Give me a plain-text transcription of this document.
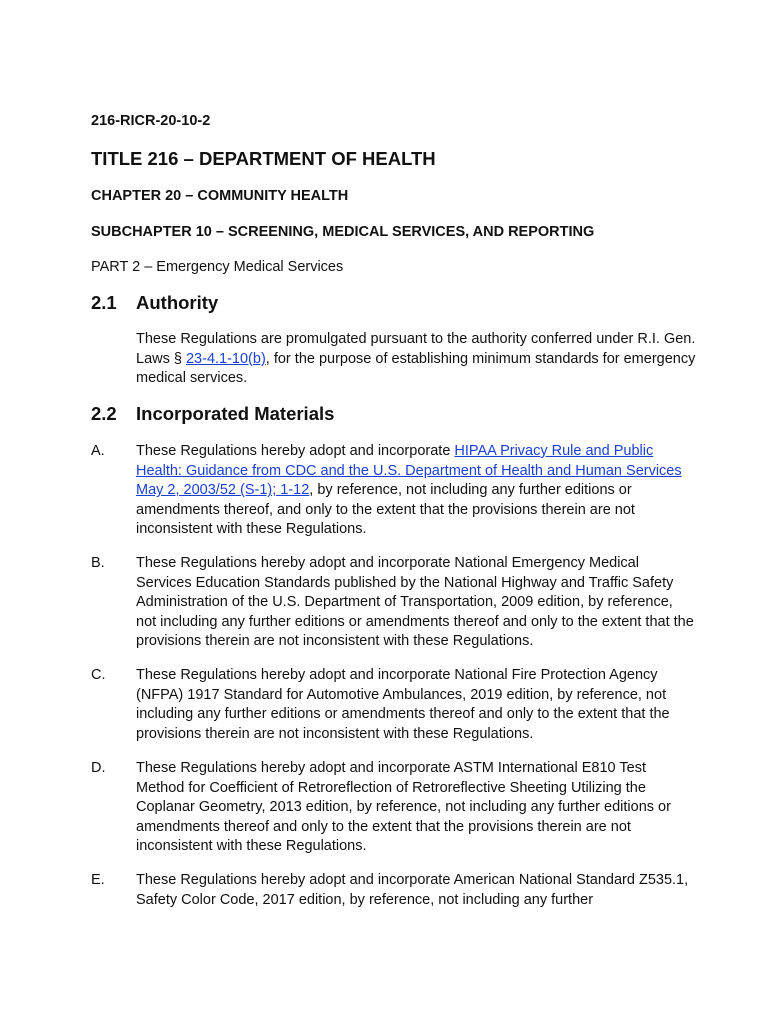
216-RICR-20-10-2
TITLE 216 – DEPARTMENT OF HEALTH
CHAPTER 20 – COMMUNITY HEALTH
SUBCHAPTER 10 – SCREENING, MEDICAL SERVICES, AND REPORTING
PART 2 – Emergency Medical Services
2.1	Authority
These Regulations are promulgated pursuant to the authority conferred under R.I. Gen. Laws § 23-4.1-10(b), for the purpose of establishing minimum standards for emergency medical services.
2.2	Incorporated Materials
A.	These Regulations hereby adopt and incorporate HIPAA Privacy Rule and Public Health: Guidance from CDC and the U.S. Department of Health and Human Services May 2, 2003/52 (S-1); 1-12, by reference, not including any further editions or amendments thereof, and only to the extent that the provisions therein are not inconsistent with these Regulations.
B.	These Regulations hereby adopt and incorporate National Emergency Medical Services Education Standards published by the National Highway and Traffic Safety Administration of the U.S. Department of Transportation, 2009 edition, by reference, not including any further editions or amendments thereof and only to the extent that the provisions therein are not inconsistent with these Regulations.
C.	These Regulations hereby adopt and incorporate National Fire Protection Agency (NFPA) 1917 Standard for Automotive Ambulances, 2019 edition, by reference, not including any further editions or amendments thereof and only to the extent that the provisions therein are not inconsistent with these Regulations.
D.	These Regulations hereby adopt and incorporate ASTM International E810 Test Method for Coefficient of Retroreflection of Retroreflective Sheeting Utilizing the Coplanar Geometry, 2013 edition, by reference, not including any further editions or amendments thereof and only to the extent that the provisions therein are not inconsistent with these Regulations.
E.	These Regulations hereby adopt and incorporate American National Standard Z535.1, Safety Color Code, 2017 edition, by reference, not including any further
